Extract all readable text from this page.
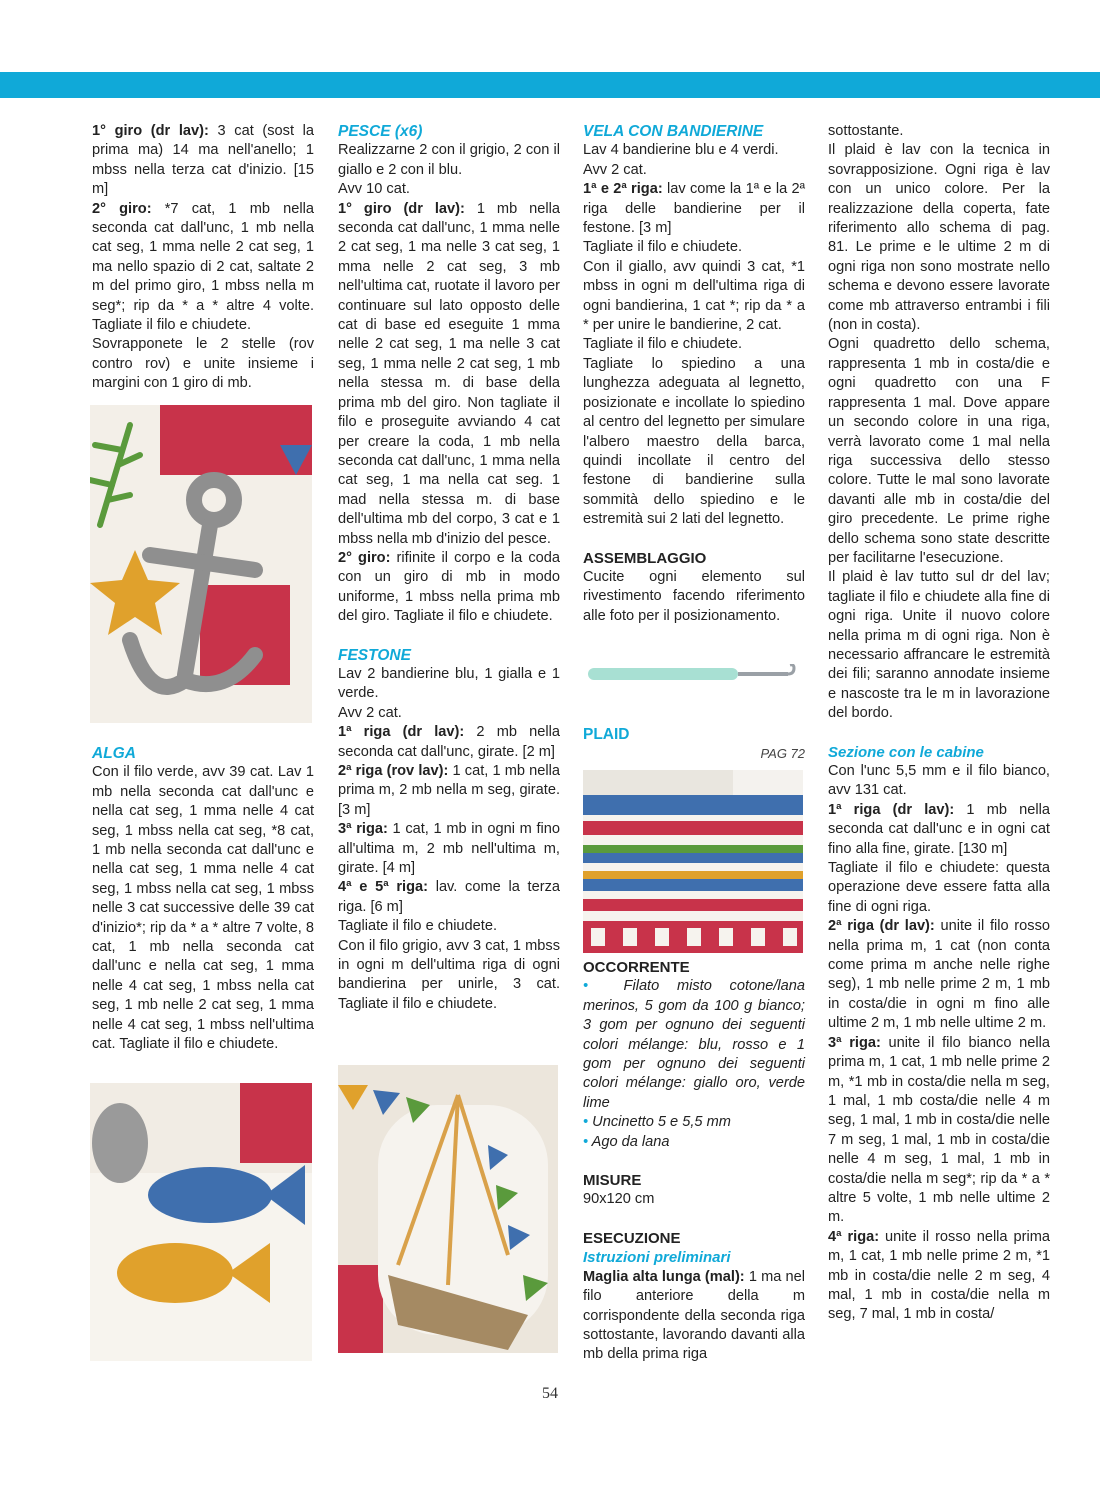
1° giro (dr lav): 3 cat (sost la prima ma) 14 ma nell'anello; 1 mbss nella terza cat d'inizio. [15 m]

2° giro: *7 cat, 1 mb nella seconda cat dall'unc, 1 mb nella cat seg, 1 mma nelle 2 cat seg, 1 ma nello spazio di 2 cat, saltate 2 m del primo giro, 1 mbss nella m seg*; rip da * a * altre 4 volte. Tagliate il filo e chiudete.

Sovrapponete le 2 stelle (rov contro rov) e unite insieme i margini con 1 giro di mb.

ALGA

Con il filo verde, avv 39 cat. Lav 1 mb nella seconda cat dall'unc e nella cat seg, 1 mma nelle 4 cat seg, 1 mbss nella cat seg, *8 cat, 1 mb nella seconda cat dall'unc e nella cat seg, 1 mma nelle 4 cat seg, 1 mbss nella cat seg, 1 mbss nelle 3 cat successive delle 39 cat d'inizio*; rip da * a * altre 7 volte, 8 cat, 1 mb nella seconda cat dall'unc e nella cat seg, 1 mma nelle 4 cat seg, 1 mbss nella cat seg, 1 mb nelle 2 cat seg, 1 mma nelle 4 cat seg, 1 mbss nell'ultima cat. Tagliate il filo e chiudete.

PESCE (x6)

Realizzarne 2 con il grigio, 2 con il giallo e 2 con il blu.

Avv 10 cat.

1° giro (dr lav): 1 mb nella seconda cat dall'unc, 1 mma nelle 2 cat seg, 1 ma nelle 3 cat seg, 1 mma nelle 2 cat seg, 3 mb nell'ultima cat, ruotate il lavoro per continuare sul lato opposto delle cat di base ed eseguite 1 mma nelle 2 cat seg, 1 ma nelle 3 cat seg, 1 mma nelle 2 cat seg, 1 mb nella stessa m. di base della prima mb del giro. Non tagliate il filo e proseguite avviando 4 cat per creare la coda, 1 mb nella seconda cat dall'unc, 1 mma nella cat seg, 1 ma nella cat seg. 1 mad nella stessa m. di base dell'ultima mb del corpo, 3 cat e 1 mbss nella mb d'inizio del pesce.

2° giro: rifinite il corpo e la coda con un giro di mb in modo uniforme, 1 mbss nella prima mb del giro. Tagliate il filo e chiudete.

FESTONE

Lav 2 bandierine blu, 1 gialla e 1 verde.

Avv 2 cat.

1ª riga (dr lav): 2 mb nella seconda cat dall'unc, girate. [2 m]

2ª riga (rov lav): 1 cat, 1 mb nella prima m, 2 mb nella m seg, girate. [3 m]

3ª riga: 1 cat, 1 mb in ogni m fino all'ultima m, 2 mb nell'ultima m, girate. [4 m]

4ª e 5ª riga: lav. come la terza riga. [6 m]

Tagliate il filo e chiudete.

Con il filo grigio, avv 3 cat, 1 mbss in ogni m dell'ultima riga di ogni bandierina per unirle, 3 cat. Tagliate il filo e chiudete.

VELA CON BANDIERINE

Lav 4 bandierine blu e 4 verdi.

Avv 2 cat.

1ª e 2ª riga: lav come la 1ª e la 2ª riga delle bandierine per il festone. [3 m]

Tagliate il filo e chiudete.

Con il giallo, avv quindi 3 cat, *1 mbss in ogni m dell'ultima riga di ogni bandierina, 1 cat *; rip da * a * per unire le bandierine, 2 cat.

Tagliate il filo e chiudete.

Tagliate lo spiedino a una lunghezza adeguata al legnetto, posizionate e incollate lo spiedino al centro del legnetto per simulare l'albero maestro della barca, quindi incollate il centro del festone di bandierine sulla sommità dello spiedino e le estremità sui 2 lati del legnetto.

ASSEMBLAGGIO

Cucite ogni elemento sul rivestimento facendo riferimento alle foto per il posizionamento.

PLAID

PAG 72

OCCORRENTE

• Filato misto cotone/lana merinos, 5 gom da 100 g bianco; 3 gom per ognuno dei seguenti colori mélange: blu, rosso e 1 gom per ognuno dei seguenti colori mélange: giallo oro, verde lime

• Uncinetto 5 e 5,5 mm

• Ago da lana

MISURE

90x120 cm

ESECUZIONE

Istruzioni preliminari

Maglia alta lunga (mal): 1 ma nel filo anteriore della m corrispondente della seconda riga sottostante, lavorando davanti alla mb della prima riga

sottostante.

Il plaid è lav con la tecnica in sovrapposizione. Ogni riga è lav con un unico colore. Per la realizzazione della coperta, fate riferimento allo schema di pag. 81. Le prime e le ultime 2 m di ogni riga non sono mostrate nello schema e devono essere lavorate come mb attraverso entrambi i fili (non in costa).

Ogni quadretto dello schema, rappresenta 1 mb in costa/die e ogni quadretto con una F rappresenta 1 mal. Dove appare un secondo colore in una riga, verrà lavorato come 1 mal nella riga successiva dello stesso colore. Tutte le mal sono lavorate davanti alle mb in costa/die del giro precedente. Le prime righe dello schema sono state descritte per facilitarne l'esecuzione.

Il plaid è lav tutto sul dr del lav; tagliate il filo e chiudete alla fine di ogni riga. Unite il nuovo colore nella prima m di ogni riga. Non è necessario affrancare le estremità dei fili; saranno annodate insieme e nascoste tra le m in lavorazione del bordo.

Sezione con le cabine

Con l'unc 5,5 mm e il filo bianco, avv 131 cat.

1ª riga (dr lav): 1 mb nella seconda cat dall'unc e in ogni cat fino alla fine, girate. [130 m]

Tagliate il filo e chiudete: questa operazione deve essere fatta alla fine di ogni riga.

2ª riga (dr lav): unite il filo rosso nella prima m, 1 cat (non conta come prima m anche nelle righe seg), 1 mb nelle prime 2 m, 1 mb in costa/die in ogni m fino alle ultime 2 m, 1 mb nelle ultime 2 m.

3ª riga: unite il filo bianco nella prima m, 1 cat, 1 mb nelle prime 2 m, *1 mb in costa/die nella m seg, 1 mal, 1 mb costa/die nelle 4 m seg, 1 mal, 1 mb in costa/die nelle 7 m seg, 1 mal, 1 mb in costa/die nelle 4 m seg, 1 mal, 1 mb in costa/die nella m seg*; rip da * a * altre 5 volte, 1 mb nelle ultime 2 m.

4ª riga: unite il rosso nella prima m, 1 cat, 1 mb nelle prime 2 m, *1 mb in costa/die nelle 2 m seg, 4 mal, 1 mb in costa/die nella m seg, 7 mal, 1 mb in costa/

54
